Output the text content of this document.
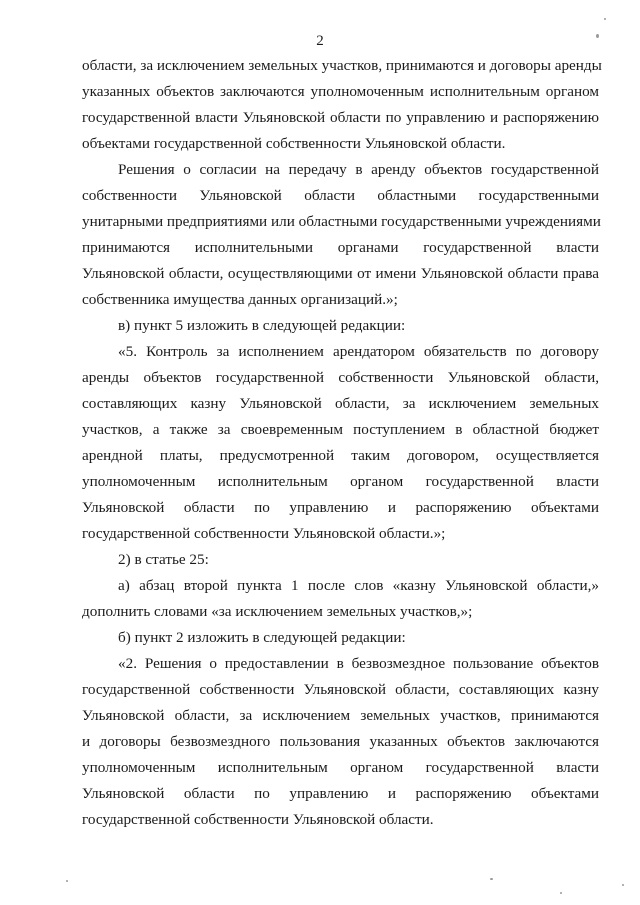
2
области, за исключением земельных участков, принимаются и договоры аренды
указанных объектов заключаются уполномоченным исполнительным органом
государственной власти Ульяновской области по управлению и распоряжению
объектами государственной собственности Ульяновской области.
Решения о согласии на передачу в аренду объектов государственной
собственности Ульяновской области областными государственными
унитарными предприятиями или областными государственными учреждениями
принимаются исполнительными органами государственной власти
Ульяновской области, осуществляющими от имени Ульяновской области права
собственника имущества данных организаций.»;
в) пункт 5 изложить в следующей редакции:
«5. Контроль за исполнением арендатором обязательств по договору
аренды объектов государственной собственности Ульяновской области,
составляющих казну Ульяновской области, за исключением земельных
участков, а также за своевременным поступлением в областной бюджет
арендной платы, предусмотренной таким договором, осуществляется
уполномоченным исполнительным органом государственной власти
Ульяновской области по управлению и распоряжению объектами
государственной собственности Ульяновской области.»;
2) в статье 25:
а) абзац второй пункта 1 после слов «казну Ульяновской области,»
дополнить словами «за исключением земельных участков,»;
б) пункт 2 изложить в следующей редакции:
«2. Решения о предоставлении в безвозмездное пользование объектов
государственной собственности Ульяновской области, составляющих казну
Ульяновской области, за исключением земельных участков, принимаются
и договоры безвозмездного пользования указанных объектов заключаются
уполномоченным исполнительным органом государственной власти
Ульяновской области по управлению и распоряжению объектами
государственной собственности Ульяновской области.
